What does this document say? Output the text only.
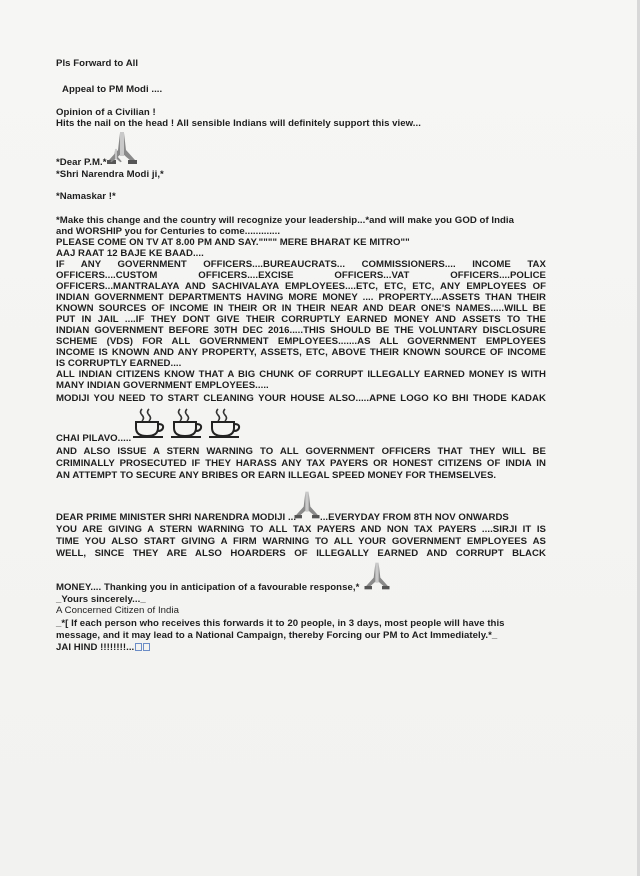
Pls Forward to All

Appeal to PM Modi ....

Opinion of a Civilian !

Hits the nail on the head ! All sensible Indians will definitely support this view...

*Dear P.M.*

*Shri Narendra Modi ji,*

*Namaskar !*

*Make this change and the country will recognize your leadership...*and will make you GOD of India

and WORSHIP you for Centuries to come.............

PLEASE COME ON TV AT 8.00 PM AND SAY."""" MERE BHARAT KE MITRO""

AAJ RAAT 12 BAJE KE BAAD....

IF ANY GOVERNMENT OFFICERS....BUREAUCRATS... COMMISSIONERS.... INCOME TAX

OFFICERS....CUSTOM OFFICERS....EXCISE OFFICERS...VAT OFFICERS....POLICE

OFFICERS...MANTRALAYA AND SACHIVALAYA EMPLOYEES....ETC, ETC, ETC, ANY EMPLOYEES OF

INDIAN GOVERNMENT DEPARTMENTS HAVING MORE MONEY .... PROPERTY....ASSETS THAN THEIR

KNOWN SOURCES OF INCOME IN THEIR OR IN THEIR NEAR AND DEAR ONE'S NAMES.....WILL BE

PUT IN JAIL ....IF THEY DONT GIVE THEIR CORRUPTLY EARNED MONEY AND ASSETS TO THE

INDIAN GOVERNMENT BEFORE 30TH DEC 2016.....THIS SHOULD BE THE VOLUNTARY DISCLOSURE

SCHEME (VDS) FOR ALL GOVERNMENT EMPLOYEES.......AS ALL GOVERNMENT EMPLOYEES

INCOME IS KNOWN AND ANY PROPERTY, ASSETS, ETC, ABOVE THEIR KNOWN SOURCE OF INCOME

IS CORRUPTLY EARNED....

ALL INDIAN CITIZENS KNOW THAT A BIG CHUNK OF CORRUPT ILLEGALLY EARNED MONEY IS WITH

MANY INDIAN GOVERNMENT EMPLOYEES.....

MODIJI YOU NEED TO START CLEANING YOUR HOUSE ALSO.....APNE LOGO KO BHI THODE KADAK

CHAI PILAVO.....

AND ALSO ISSUE A STERN WARNING TO ALL GOVERNMENT OFFICERS THAT THEY WILL BE

CRIMINALLY PROSECUTED IF THEY HARASS ANY TAX PAYERS OR HONEST CITIZENS OF INDIA IN

AN ATTEMPT TO SECURE ANY BRIBES OR EARN ILLEGAL SPEED MONEY FOR THEMSELVES.

DEAR PRIME MINISTER SHRI NARENDRA MODIJI ... ...EVERYDAY FROM 8TH NOV ONWARDS

YOU ARE GIVING A STERN WARNING TO ALL TAX PAYERS AND NON TAX PAYERS ....SIRJI IT IS

TIME YOU ALSO START GIVING A FIRM WARNING TO ALL YOUR GOVERNMENT EMPLOYEES AS

WELL, SINCE THEY ARE ALSO HOARDERS OF ILLEGALLY EARNED AND CORRUPT BLACK

MONEY.... Thanking you in anticipation of a favourable response,*

_Yours sincerely..._

A Concerned Citizen of India

_*[ If each person who receives this forwards it to 20 people, in 3 days, most people will have this

message, and it may lead to a National Campaign, thereby Forcing our PM to Act Immediately.*_

JAI HIND !!!!!!!!...
